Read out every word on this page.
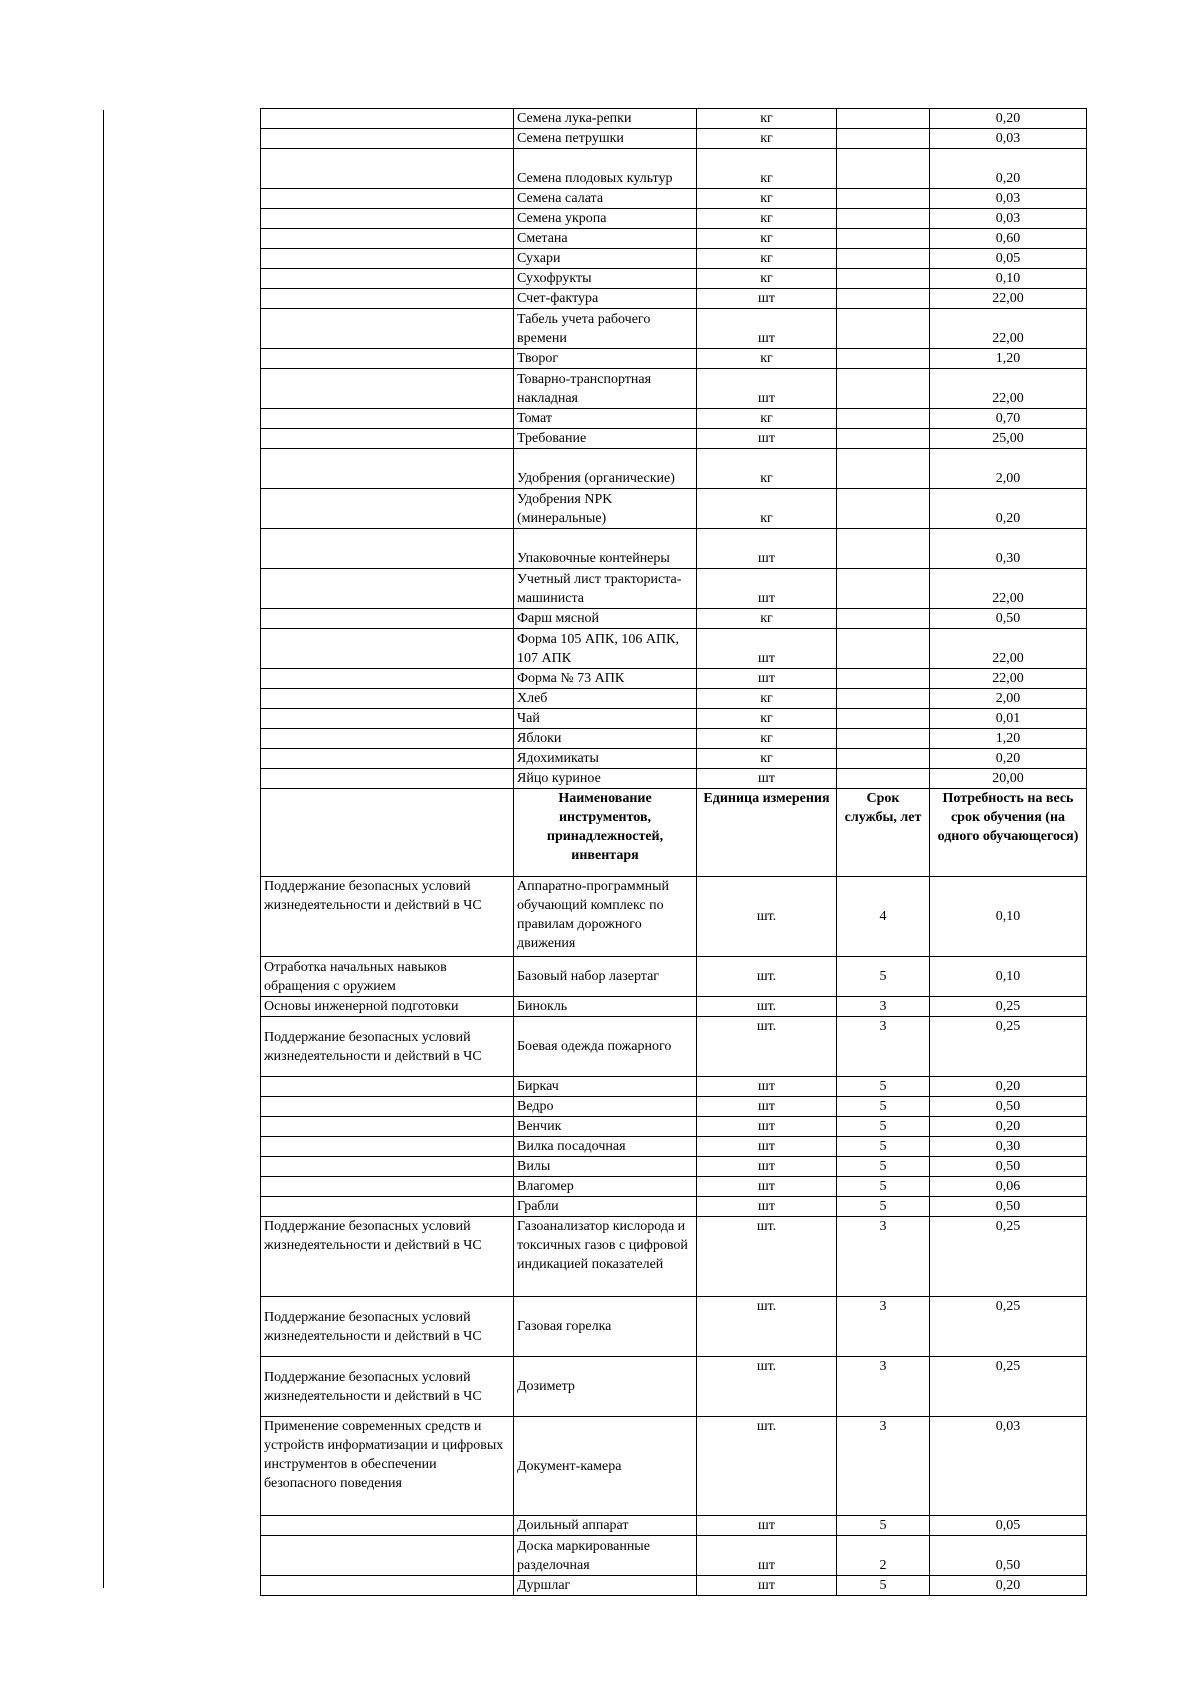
	Семена лука-репки	кг		0,20
	Семена петрушки	кг		0,03
	Семена плодовых культур	кг		0,20
	Семена салата	кг		0,03
	Семена укропа	кг		0,03
	Сметана	кг		0,60
	Сухари	кг		0,05
	Сухофрукты	кг		0,10
	Счет-фактура	шт		22,00
	Табель учета рабочего времени	шт		22,00
	Творог	кг		1,20
	Товарно-транспортная накладная	шт		22,00
	Томат	кг		0,70
	Требование	шт		25,00
	Удобрения (органические)	кг		2,00
	Удобрения NPK (минеральные)	кг		0,20
	Упаковочные контейнеры	шт		0,30
	Учетный лист тракториста-машиниста	шт		22,00
	Фарш мясной	кг		0,50
	Форма 105 АПК, 106 АПК, 107 АПК	шт		22,00
	Форма № 73 АПК	шт		22,00
	Хлеб	кг		2,00
	Чай	кг		0,01
	Яблоки	кг		1,20
	Ядохимикаты	кг		0,20
	Яйцо куриное	шт		20,00
	Наименование инструментов, принадлежностей, инвентаря	Единица измерения	Срок службы, лет	Потребность на весь срок обучения (на одного обучающегося)
Поддержание безопасных условий жизнедеятельности и действий в ЧС	Аппаратно-программный обучающий комплекс по правилам дорожного движения	шт.	4	0,10
Отработка начальных навыков обращения с оружием	Базовый набор лазертаг	шт.	5	0,10
Основы инженерной подготовки	Бинокль	шт.	3	0,25
Поддержание безопасных условий жизнедеятельности и действий в ЧС	Боевая одежда пожарного	шт.	3	0,25
	Биркач	шт	5	0,20
	Ведро	шт	5	0,50
	Венчик	шт	5	0,20
	Вилка посадочная	шт	5	0,30
	Вилы	шт	5	0,50
	Влагомер	шт	5	0,06
	Грабли	шт	5	0,50
Поддержание безопасных условий жизнедеятельности и действий в ЧС	Газоанализатор кислорода и токсичных газов с цифровой индикацией показателей	шт.	3	0,25
Поддержание безопасных условий жизнедеятельности и действий в ЧС	Газовая горелка	шт.	3	0,25
Поддержание безопасных условий жизнедеятельности и действий в ЧС	Дозиметр	шт.	3	0,25
Применение современных средств и устройств информатизации и цифровых инструментов в обеспечении безопасного поведения	Документ-камера	шт.	3	0,03
	Доильный аппарат	шт	5	0,05
	Доска маркированные разделочная	шт	2	0,50
	Дуршлаг	шт	5	0,20
